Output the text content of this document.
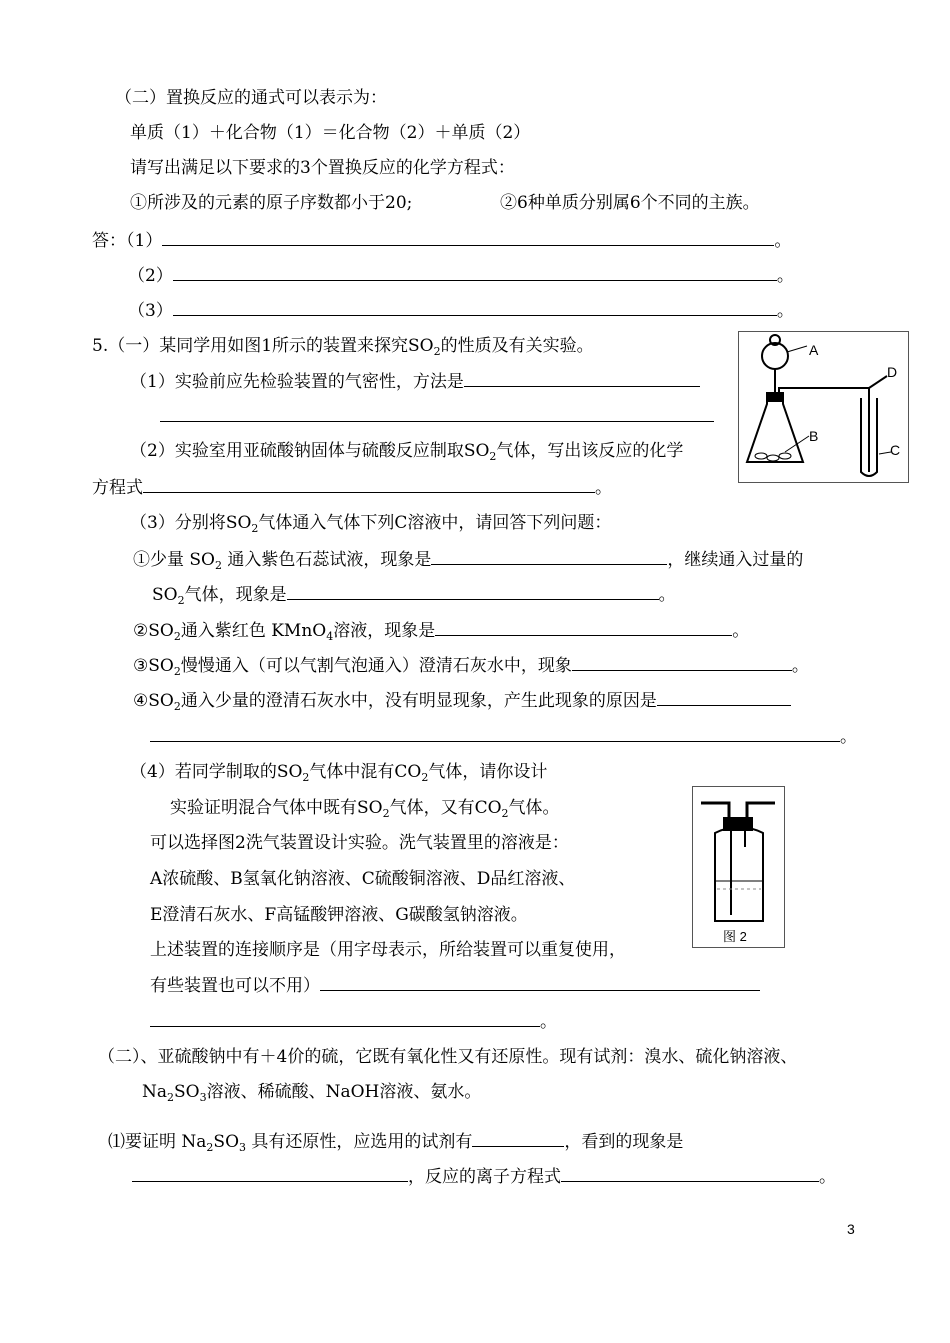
（二）置换反应的通式可以表示为：
单质（1）＋化合物（1）＝化合物（2）＋单质（2）
请写出满足以下要求的3个置换反应的化学方程式：
①所涉及的元素的原子序数都小于20;	②6种单质分别属6个不同的主族。
答：（1）	。
（2）	。
（3）	。
5.（一）某同学用如图1所示的装置来探究$SO_2$的性质及有关实验。
（1）实验前应先检验装置的气密性，方法是
（2）实验室用亚硫酸钠固体与硫酸反应制取$SO_2$气体，写出该反应的化学
方程式	。
（3）分别将$SO_2$气体通入气体下列C溶液中，请回答下列问题：
①少量 $SO_2$ 通入紫色石蕊试液，现象是	，继续通入过量的
$SO_2$气体，现象是	。
$②SO_2$通入紫红色 KMnO$_4$溶液，现象是	。
$③SO_2$慢慢通入（可以气割气泡通入）澄清石灰水中，现象	。
$④SO_2$通入少量的澄清石灰水中，没有明显现象，产生此现象的原因是
。
（4）若同学制取的$SO_2$气体中混有$CO_2$气体，请你设计
实验证明混合气体中既有$SO_2$气体，又有$CO_2$气体。
可以选择图2洗气装置设计实验。洗气装置里的溶液是：
A浓硫酸、B氢氧化钠溶液、C硫酸铜溶液、D品红溶液、
E澄清石灰水、F高锰酸钾溶液、G碳酸氢钠溶液。
上述装置的连接顺序是（用字母表示，所给装置可以重复使用，
有些装置也可以不用）
。
（二）、亚硫酸钠中有＋4价的硫，它既有氧化性又有还原性。现有试剂：溴水、硫化钠溶液、
$Na_2SO_3$溶液、稀硫酸、NaOH溶液、氨水。
⑴要证明 $Na_2SO_3$ 具有还原性，应选用的试剂有	，看到的现象是
，反应的离子方程式	。
A
B
C
D
图 2
3
